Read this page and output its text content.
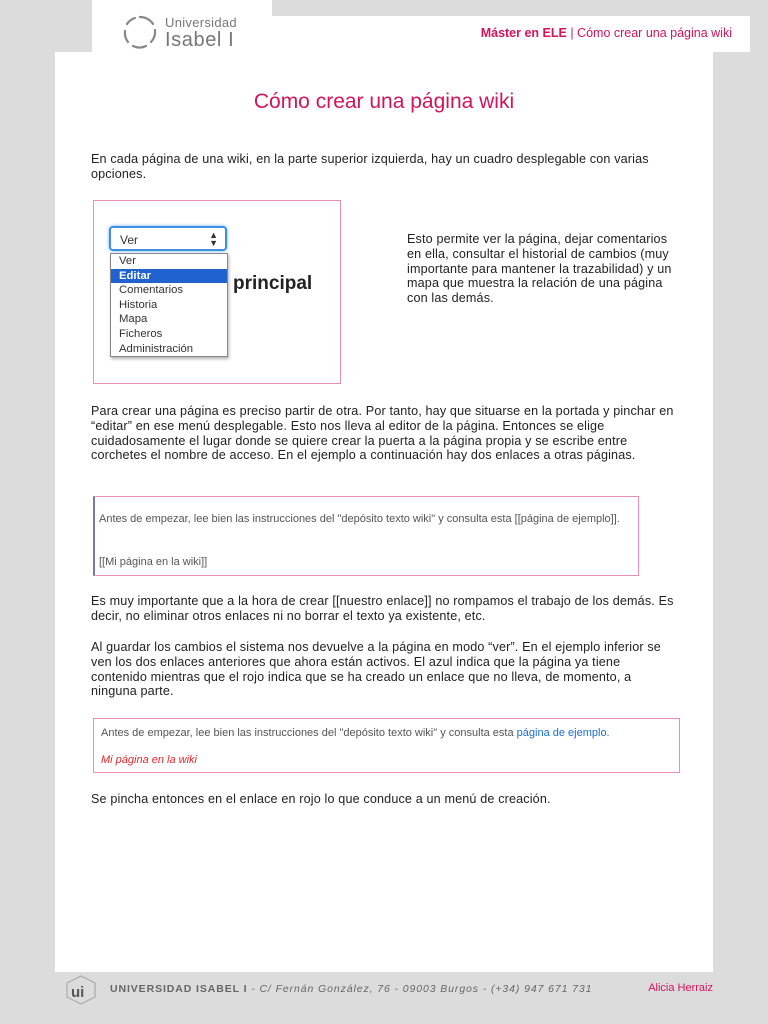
Universidad
Isabel I	Máster en ELE | Cómo crear una página wiki
Cómo crear una página wiki
En cada página de una wiki, en la parte superior izquierda, hay un cuadro desplegable con varias opciones.
Ver	▲
▼
Ver
Editar
Comentarios
Historia
Mapa
Ficheros
Administración
principal
Esto permite ver la página, dejar comentarios en ella, consultar el historial de cambios (muy importante para mantener la trazabilidad) y un mapa que muestra la relación de una página con las demás.
Para crear una página es preciso partir de otra. Por tanto, hay que situarse en la portada y pinchar en “editar” en ese menú desplegable. Esto nos lleva al editor de la página. Entonces se elige cuidadosamente el lugar donde se quiere crear la puerta a la página propia y se escribe entre corchetes el nombre de acceso. En el ejemplo a continuación hay dos enlaces a otras páginas.
Antes de empezar, lee bien las instrucciones del "depósito texto wiki" y consulta esta [[página de ejemplo]].
[[Mi página en la wiki]]
Es muy importante que a la hora de crear [[nuestro enlace]] no rompamos el trabajo de los demás. Es decir, no eliminar otros enlaces ni no borrar el texto ya existente, etc.
Al guardar los cambios el sistema nos devuelve a la página en modo “ver”. En el ejemplo inferior se ven los dos enlaces anteriores que ahora están activos. El azul indica que la página ya tiene contenido mientras que el rojo indica que se ha creado un enlace que no lleva, de momento, a ninguna parte.
Antes de empezar, lee bien las instrucciones del "depósito texto wiki" y consulta esta página de ejemplo.
Mi página en la wiki
Se pincha entonces en el enlace en rojo lo que conduce a un menú de creación.
ui UNIVERSIDAD ISABEL I - C/ Fernán González, 76 - 09003 Burgos - (+34) 947 671 731	Alicia Herraiz
